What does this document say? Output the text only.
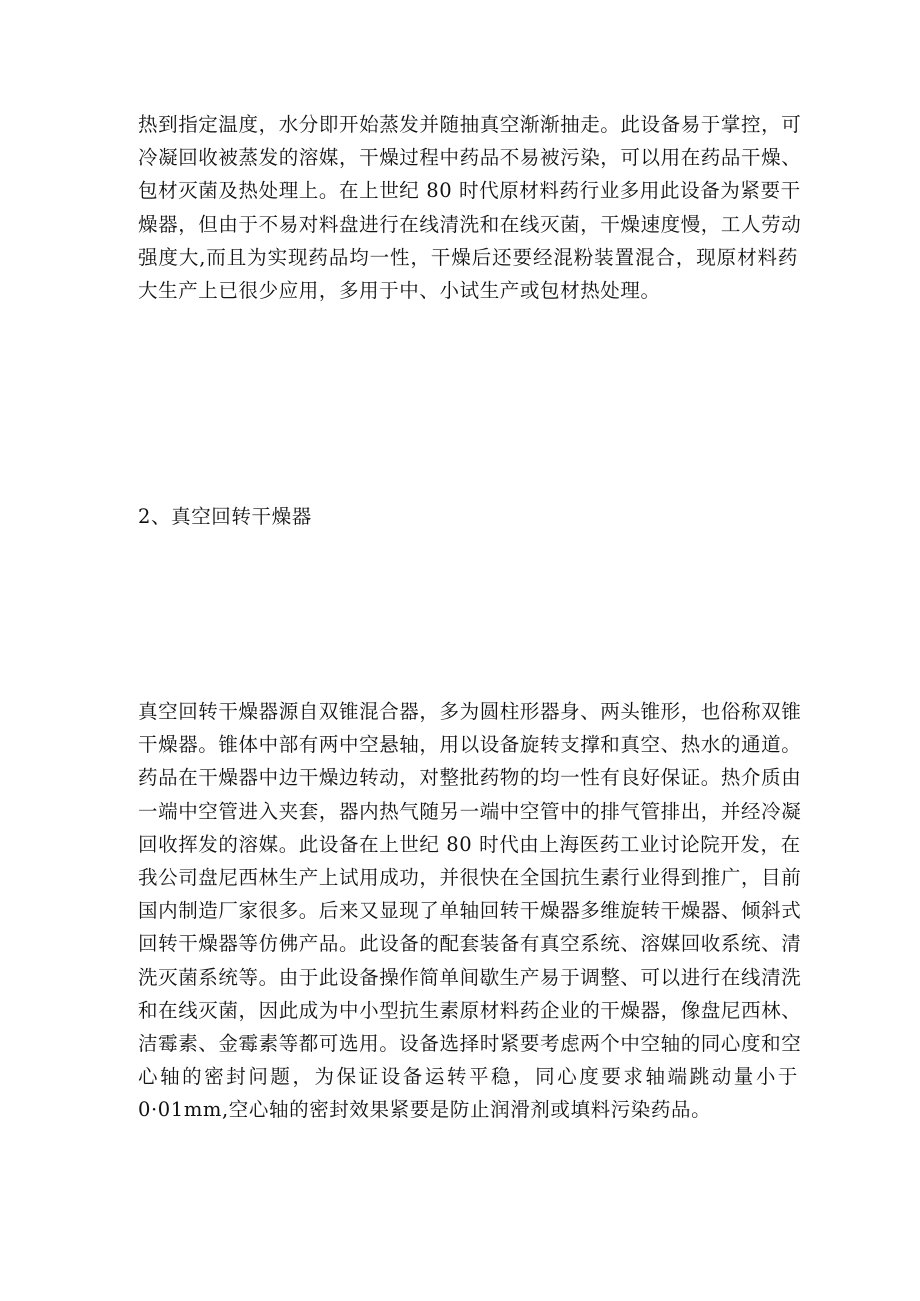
热到指定温度，水分即开始蒸发并随抽真空渐渐抽走。此设备易于掌控，可
冷凝回收被蒸发的溶媒，干燥过程中药品不易被污染，可以用在药品干燥、
包材灭菌及热处理上。在上世纪 80 时代原材料药行业多用此设备为紧要干
燥器，但由于不易对料盘进行在线清洗和在线灭菌，干燥速度慢，工人劳动
强度大,而且为实现药品均一性，干燥后还要经混粉装置混合，现原材料药
大生产上已很少应用，多用于中、小试生产或包材热处理。
2、真空回转干燥器
真空回转干燥器源自双锥混合器，多为圆柱形器身、两头锥形，也俗称双锥
干燥器。锥体中部有两中空悬轴，用以设备旋转支撑和真空、热水的通道。
药品在干燥器中边干燥边转动，对整批药物的均一性有良好保证。热介质由
一端中空管进入夹套，器内热气随另一端中空管中的排气管排出，并经冷凝
回收挥发的溶媒。此设备在上世纪 80 时代由上海医药工业讨论院开发，在
我公司盘尼西林生产上试用成功，并很快在全国抗生素行业得到推广，目前
国内制造厂家很多。后来又显现了单轴回转干燥器多维旋转干燥器、倾斜式
回转干燥器等仿佛产品。此设备的配套装备有真空系统、溶媒回收系统、清
洗灭菌系统等。由于此设备操作简单间歇生产易于调整、可以进行在线清洗
和在线灭菌，因此成为中小型抗生素原材料药企业的干燥器，像盘尼西林、
洁霉素、金霉素等都可选用。设备选择时紧要考虑两个中空轴的同心度和空
心轴的密封问题，为保证设备运转平稳，同心度要求轴端跳动量小于
0·01mm,空心轴的密封效果紧要是防止润滑剂或填料污染药品。
